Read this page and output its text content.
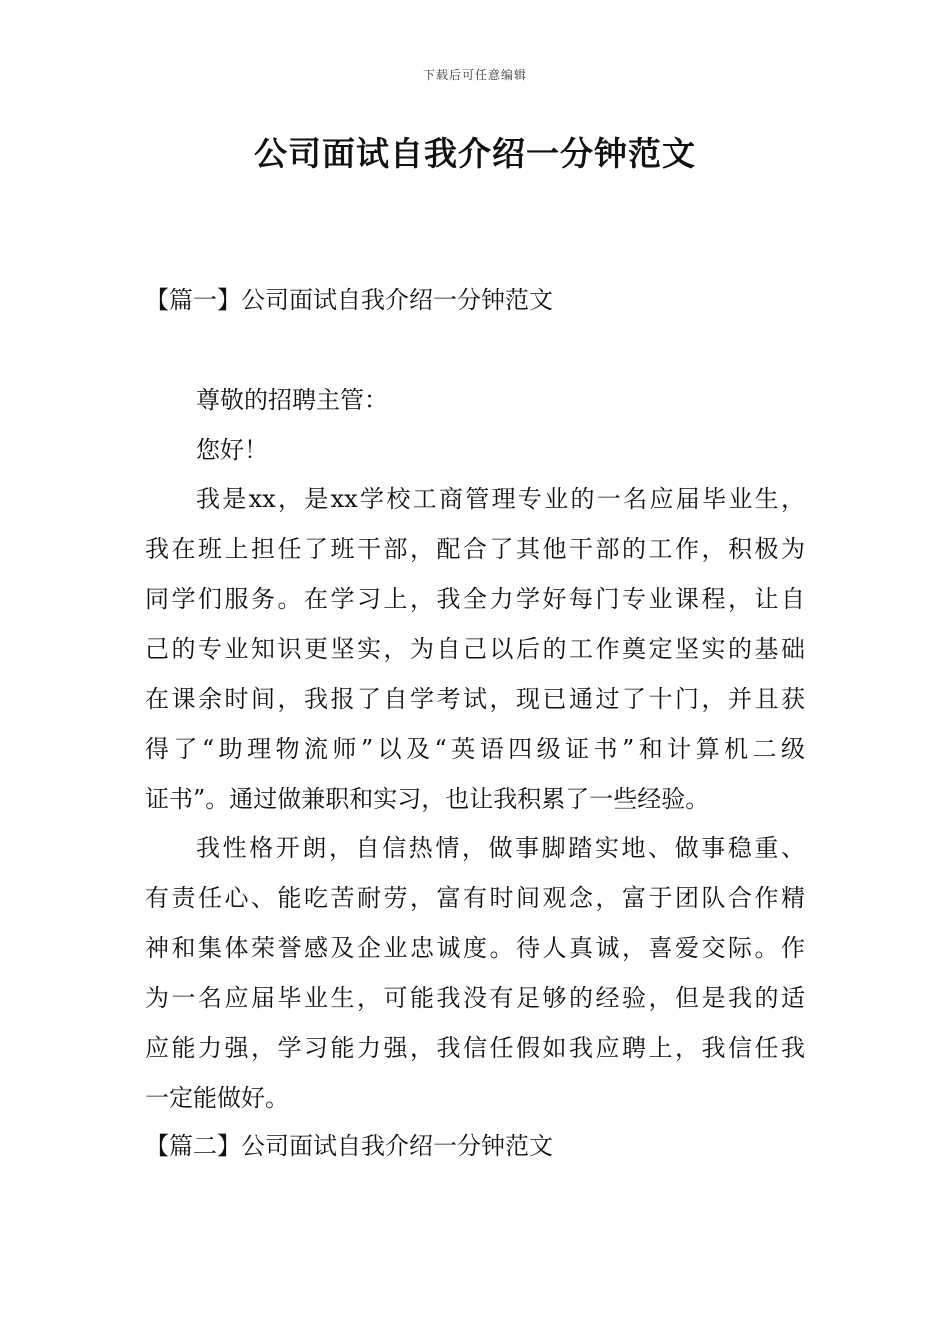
下载后可任意编辑
公司面试自我介绍一分钟范文
【篇一】公司面试自我介绍一分钟范文
尊敬的招聘主管：
您好！
我是xx，是xx学校工商管理专业的一名应届毕业生，
我在班上担任了班干部，配合了其他干部的工作，积极为
同学们服务。在学习上，我全力学好每门专业课程，让自
己的专业知识更坚实，为自己以后的工作奠定坚实的基础
在课余时间，我报了自学考试，现已通过了十门，并且获
得了“助理物流师”以及“英语四级证书”和计算机二级
证书”。通过做兼职和实习，也让我积累了一些经验。
我性格开朗，自信热情，做事脚踏实地、做事稳重、
有责任心、能吃苦耐劳，富有时间观念，富于团队合作精
神和集体荣誉感及企业忠诚度。待人真诚，喜爱交际。作
为一名应届毕业生，可能我没有足够的经验，但是我的适
应能力强，学习能力强，我信任假如我应聘上，我信任我
一定能做好。
【篇二】公司面试自我介绍一分钟范文
